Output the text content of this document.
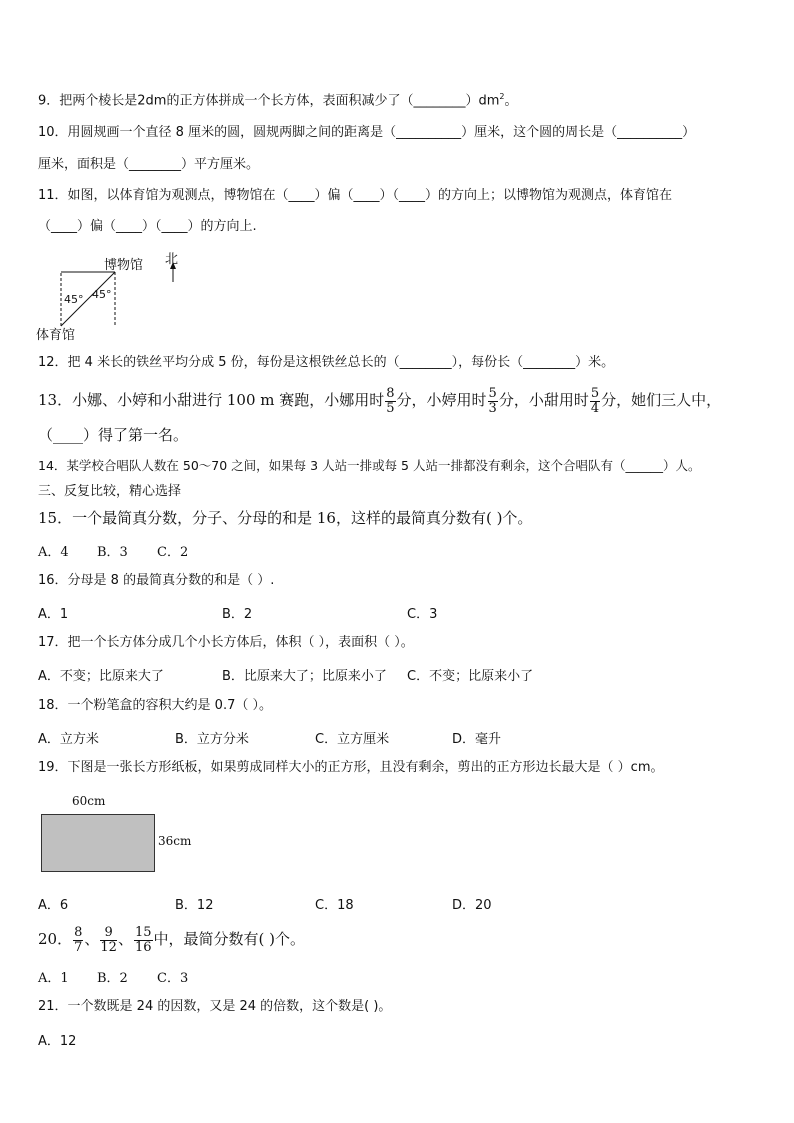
9．把两个棱长是2dm的正方体拼成一个长方体，表面积减少了$(\_\_\_\_\_\_\_\_)dm^2$。
10．用圆规画一个直径 8 厘米的圆，圆规两脚之间的距离是（__________）厘米，这个圆的周长是（__________）
厘米，面积是（________）平方厘米。
11．如图，以体育馆为观测点，博物馆在（____）偏（____）（____）的方向上；以博物馆为观测点，体育馆在
（____）偏（____）（____）的方向上.
博物馆 北
体育馆
45° 45°
12．把 4 米长的铁丝平均分成 5 份，每份是这根铁丝总长的（________），每份长（________）米。
13．小娜、小婷和小甜进行 100 m 赛跑，小娜用时 $\frac{8}{5}$ 分，小婷用时 $\frac{5}{3}$ 分，小甜用时 $\frac{5}{4}$ 分，她们三人中，
（____）得了第一名。
14．某学校合唱队人数在 50～70 之间，如果每 3 人站一排或每 5 人站一排都没有剩余，这个合唱队有（______）人。
三、反复比较，精心选择
15．一个最简真分数，分子、分母的和是 16，这样的最简真分数有( )个。
A．4 B．3 C．2
16．分母是 8 的最简真分数的和是（ ）.
A．1	B．2	C．3
17．把一个长方体分成几个小长方体后，体积（ ），表面积（ ）。
A．不变；比原来大了	B．比原来大了；比原来小了 C．不变；比原来小了
18．一个粉笔盒的容积大约是 0.7（ ）。
A．立方米	B．立方分米	C．立方厘米	D．毫升
19．下图是一张长方形纸板，如果剪成同样大小的正方形，且没有剩余，剪出的正方形边长最大是（ ）cm。
60cm
36cm
A．6	B．12	C．18	D．20
20． $\frac{8}{7}$ 、 $\frac{9}{12}$ 、 $\frac{15}{16}$ 中，最简分数有( )个。
A．1 B．2 C．3
21．一个数既是 24 的因数，又是 24 的倍数，这个数是( )。
A．12
